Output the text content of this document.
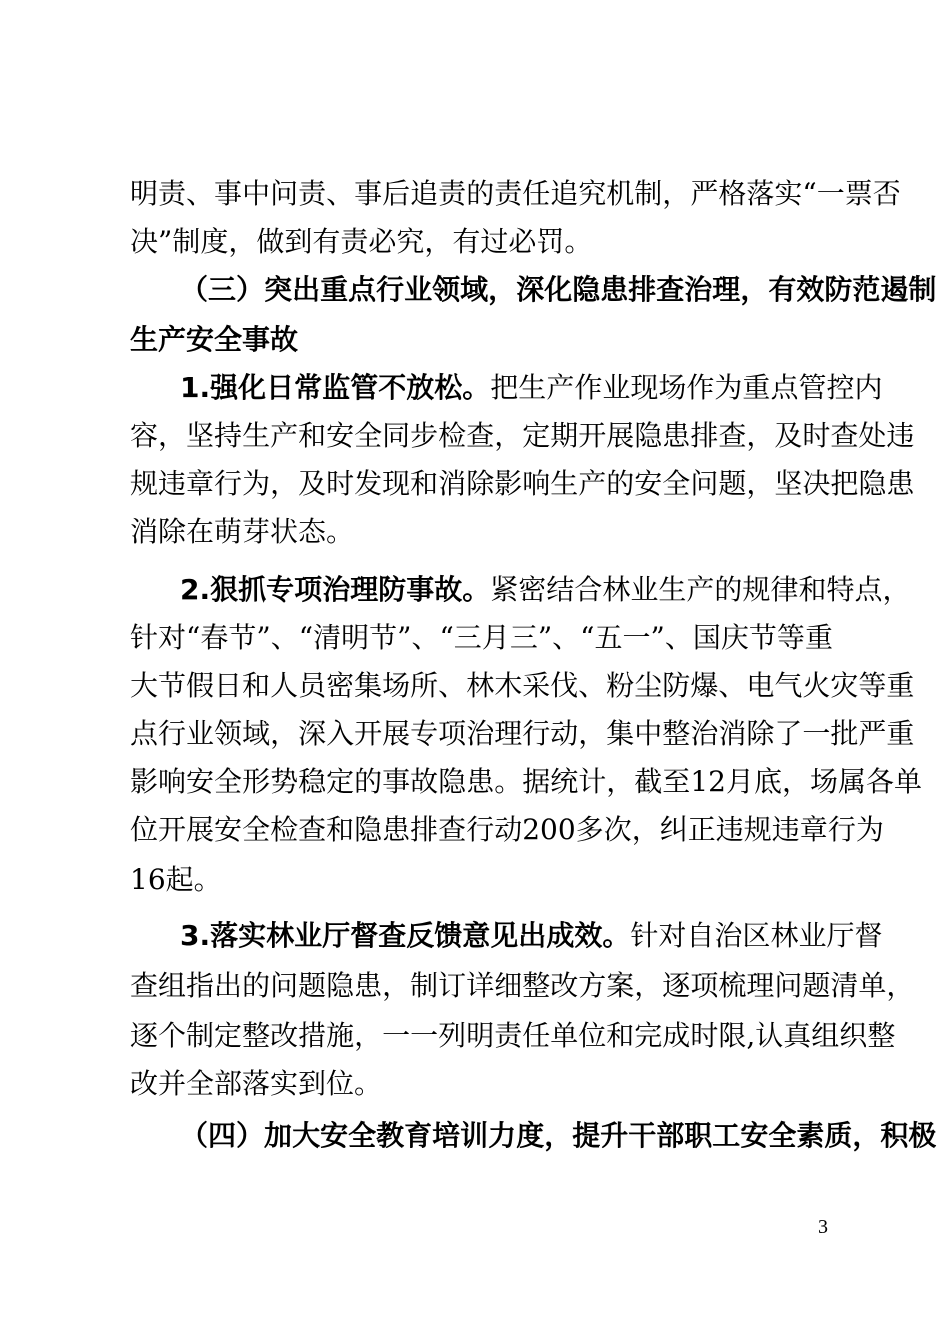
明 责 、 事 中 问 责 、 事 后 追 责 的 责 任 追 究 机 制 ， 严 格 落 实 “ 一 票 否
决”制度，做到有责必究，有过必罚。
（ 三 ） 突 出 重 点 行 业 领 域 ， 深 化 隐 患 排 查 治 理 ， 有 效 防 范 遏 制
生产安全事故
1 . 强 化 日 常 监 管 不 放 松 。 把 生 产 作 业 现 场 作 为 重 点 管 控 内
容 ， 坚 持 生 产 和 安 全 同 步 检 查 ， 定 期 开 展 隐 患 排 查 ， 及 时 查 处 违
规 违 章 行 为 ， 及 时 发 现 和 消 除 影 响 生 产 的 安 全 问 题 ， 坚 决 把 隐 患
消除在萌芽状态。
2 . 狠 抓 专 项 治 理 防 事 故 。 紧 密 结 合 林 业 生 产 的 规 律 和 特 点 ，
针 对 “ 春 节 ” 、 “ 清 明 节 ” 、 “ 三 月 三 ” 、 “ 五 一 ” 、 国 庆 节 等 重
大 节 假 日 和 人 员 密 集 场 所 、 林 木 采 伐 、 粉 尘 防 爆 、 电 气 火 灾 等 重
点 行 业 领 域 ， 深 入 开 展 专 项 治 理 行 动 ， 集 中 整 治 消 除 了 一 批 严 重
影 响 安 全 形 势 稳 定 的 事 故 隐 患 。 据 统 计 ， 截 至 12 月 底 ， 场 属 各 单
位 开 展 安 全 检 查 和 隐 患 排 查 行 动 200 多 次 ， 纠 正 违 规 违 章 行 为
16起。
3 . 落 实 林 业 厅 督 查 反 馈 意 见 出 成 效 。 针 对 自 治 区 林 业 厅 督
查 组 指 出 的 问 题 隐 患 ， 制 订 详 细 整 改 方 案 ， 逐 项 梳 理 问 题 清 单 ，
逐 个 制 定 整 改 措 施 ， 一 一 列 明 责 任 单 位 和 完 成 时 限 , 认 真 组 织 整
改并全部落实到位。
（ 四 ） 加 大 安 全 教 育 培 训 力 度 ， 提 升 干 部 职 工 安 全 素 质 ， 积 极
3
